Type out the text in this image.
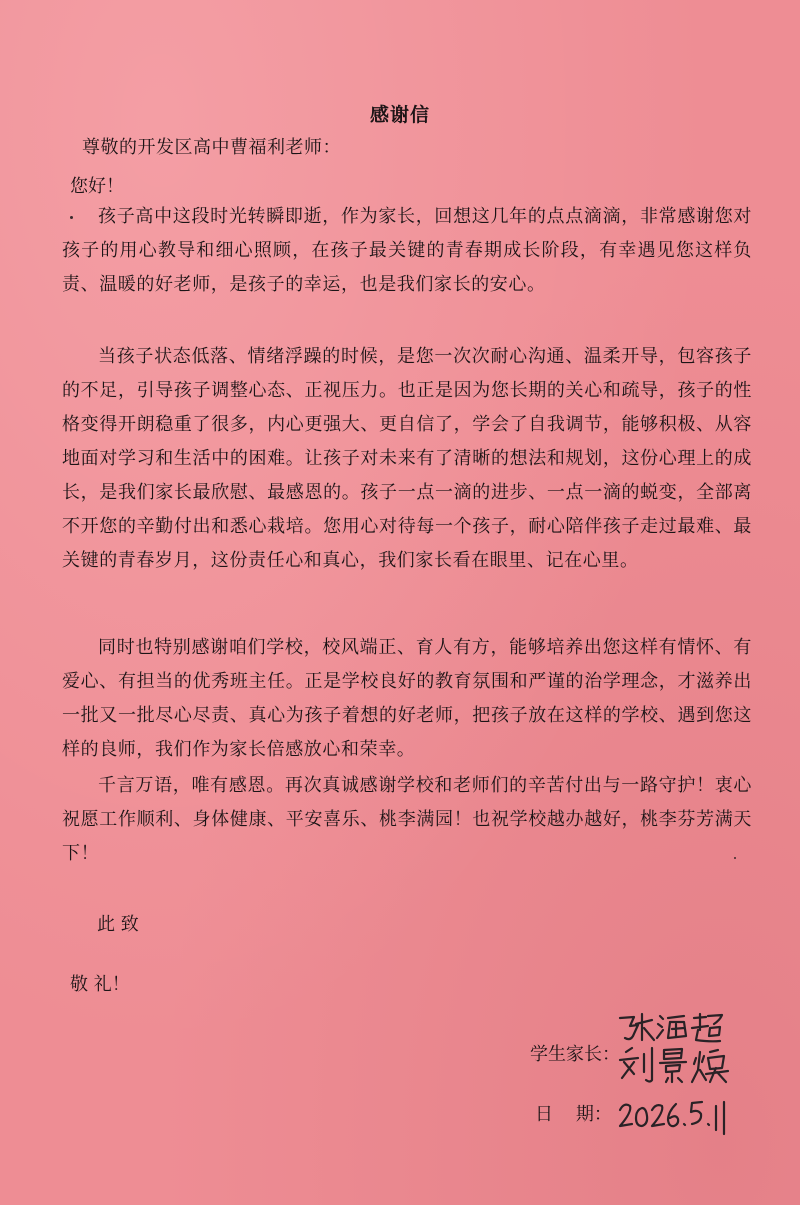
感谢信
尊敬的开发区高中曹福利老师：
您好！

孩子高中这段时光转瞬即逝，作为家长，回想这几年的点点滴滴，非常感谢您对孩子的用心教导和细心照顾，在孩子最关键的青春期成长阶段，有幸遇见您这样负责、温暖的好老师，是孩子的幸运，也是我们家长的安心。

当孩子状态低落、情绪浮躁的时候，是您一次次耐心沟通、温柔开导，包容孩子的不足，引导孩子调整心态、正视压力。也正是因为您长期的关心和疏导，孩子的性格变得开朗稳重了很多，内心更强大、更自信了，学会了自我调节，能够积极、从容地面对学习和生活中的困难。让孩子对未来有了清晰的想法和规划，这份心理上的成长，是我们家长最欣慰、最感恩的。孩子一点一滴的进步、一点一滴的蜕变，全部离不开您的辛勤付出和悉心栽培。您用心对待每一个孩子，耐心陪伴孩子走过最难、最关键的青春岁月，这份责任心和真心，我们家长看在眼里、记在心里。

同时也特别感谢咱们学校，校风端正、育人有方，能够培养出您这样有情怀、有爱心、有担当的优秀班主任。正是学校良好的教育氛围和严谨的治学理念，才滋养出一批又一批尽心尽责、真心为孩子着想的好老师，把孩子放在这样的学校、遇到您这样的良师，我们作为家长倍感放心和荣幸。

千言万语，唯有感恩。再次真诚感谢学校和老师们的辛苦付出与一路守护！衷心祝愿工作顺利、身体健康、平安喜乐、桃李满园！也祝学校越办越好，桃李芬芳满天下！

此 致
敬 礼！
学生家长：
日    期：
